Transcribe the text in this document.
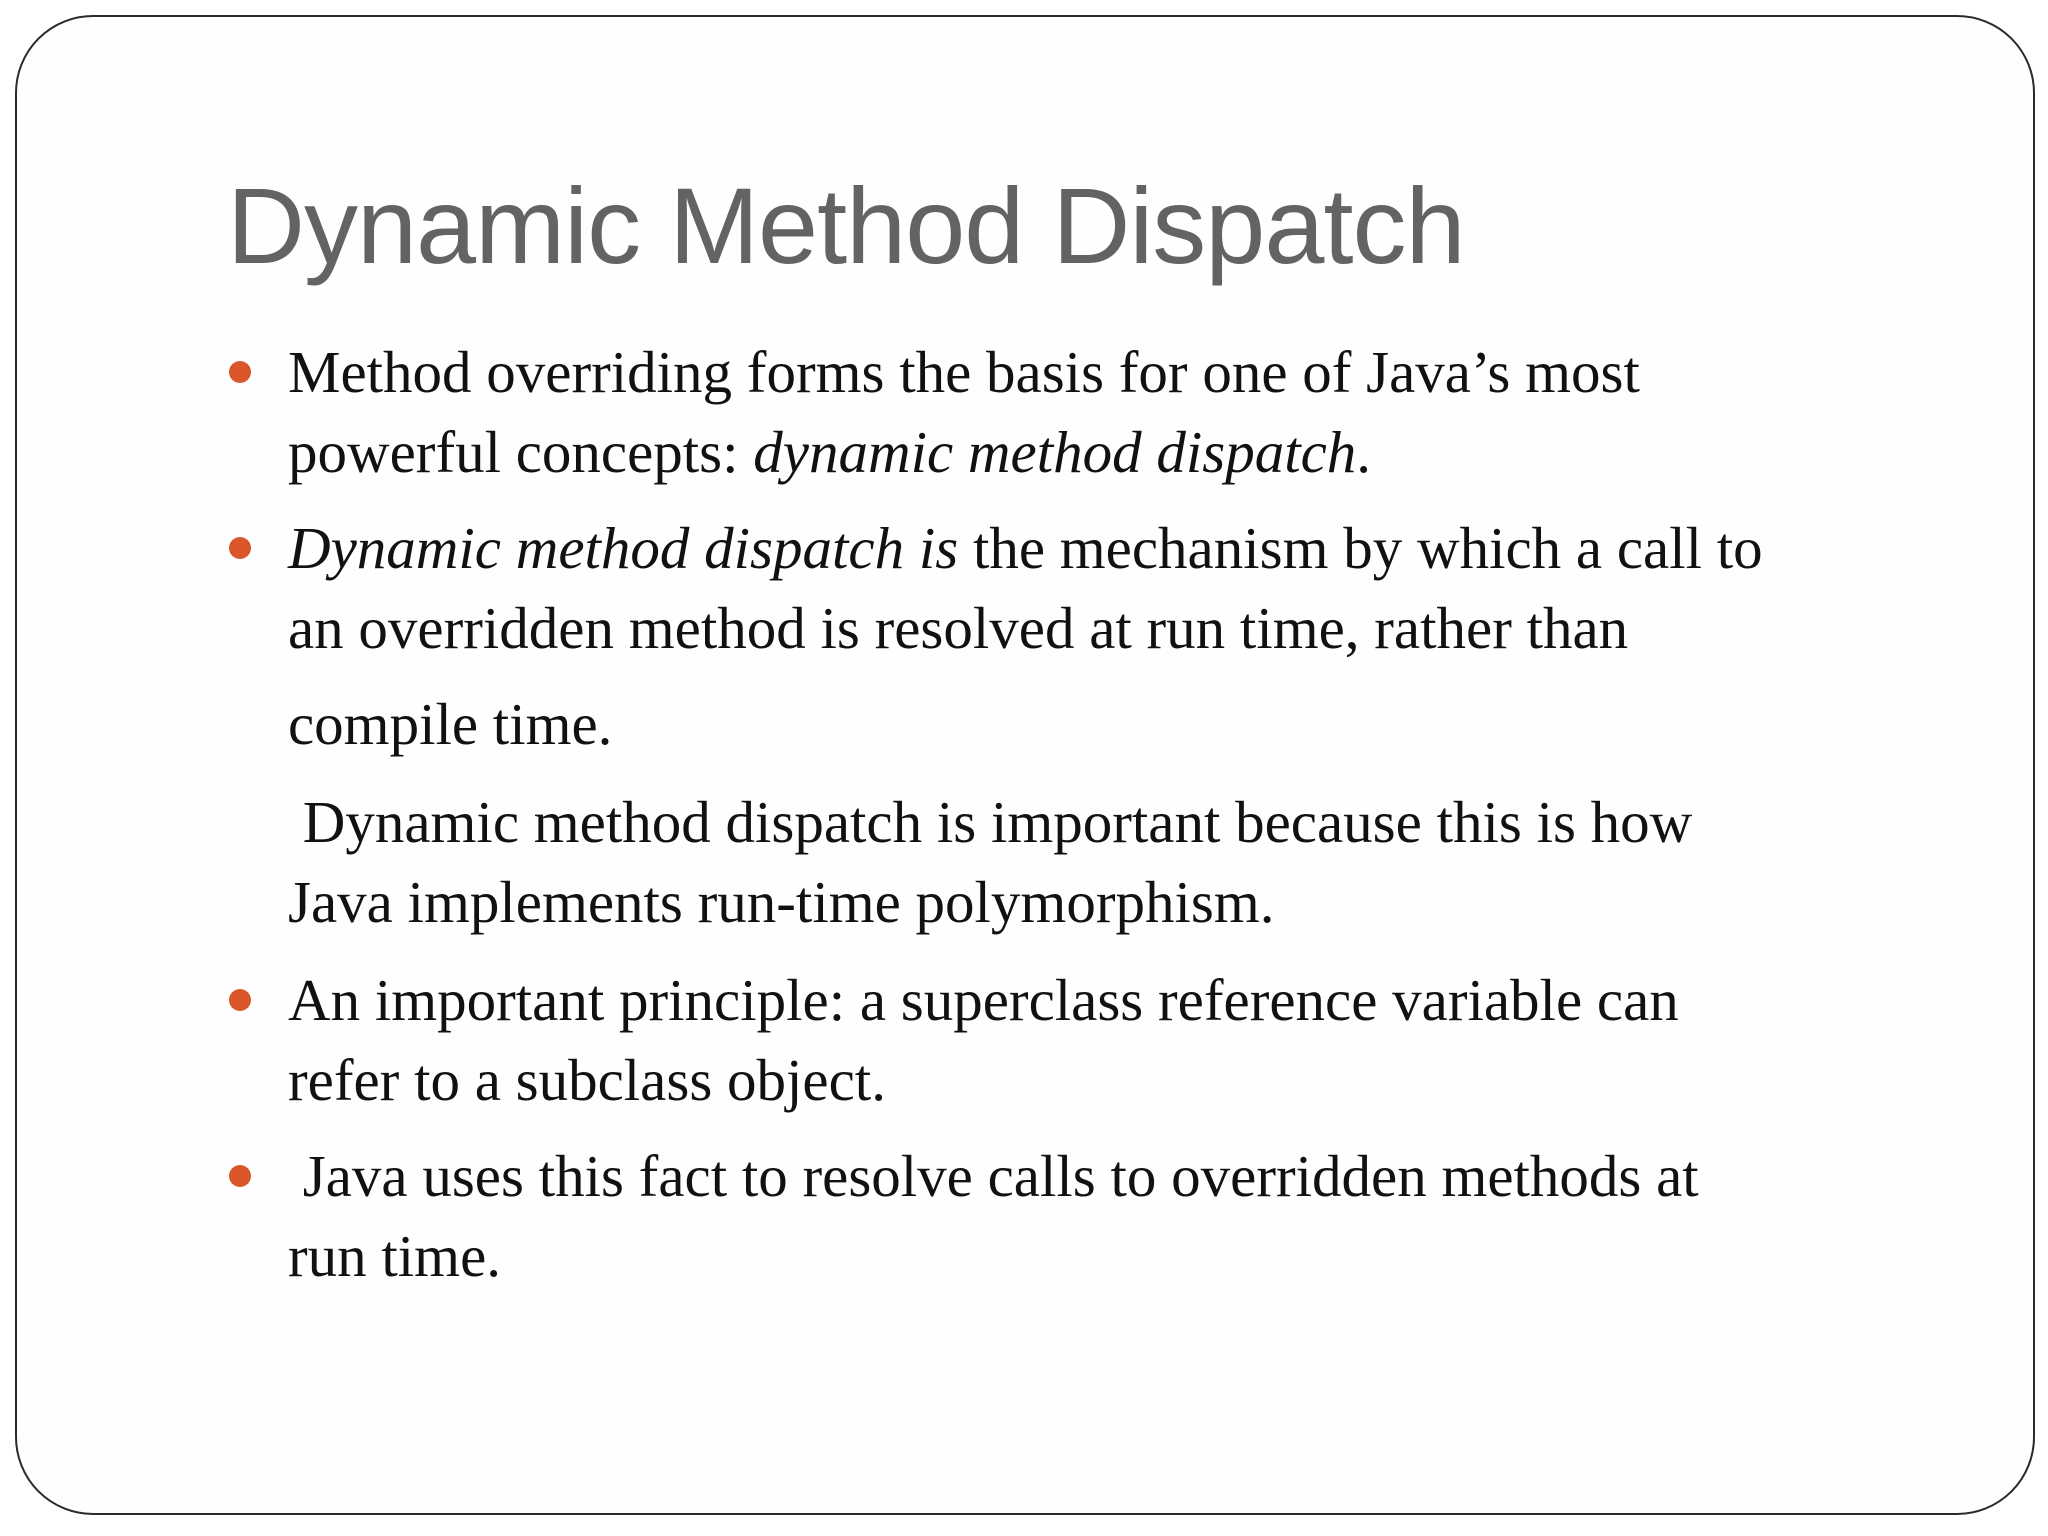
Dynamic Method Dispatch

Method overriding forms the basis for one of Java’s most
powerful concepts: dynamic method dispatch.

Dynamic method dispatch is the mechanism by which a call to
an overridden method is resolved at run time, rather than
compile time.

Dynamic method dispatch is important because this is how
Java implements run-time polymorphism.

An important principle: a superclass reference variable can
refer to a subclass object.

Java uses this fact to resolve calls to overridden methods at
run time.
